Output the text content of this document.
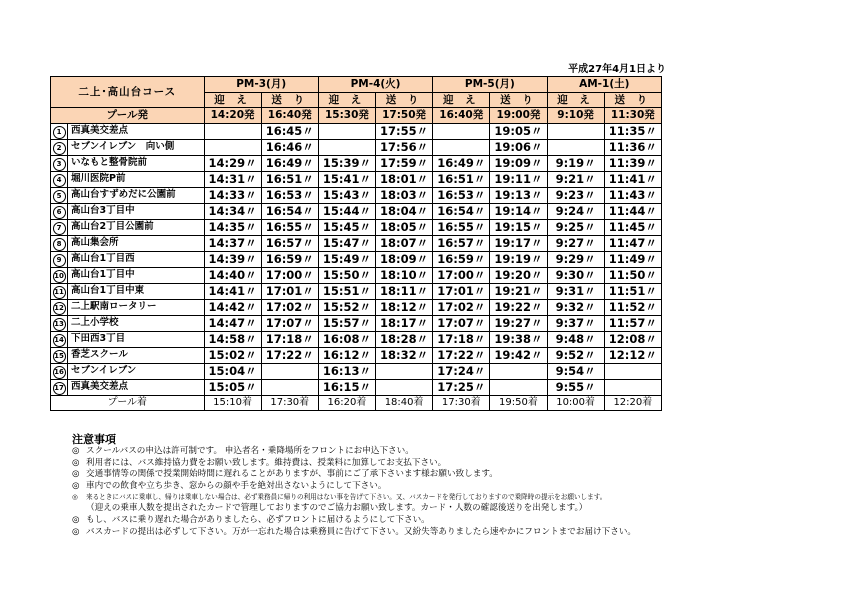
平成27年4月1日より
二上･高山台コース		PM-3(月)		PM-4(火)		PM-5(月)		AM-1(土)	
		迎 え	送 り	迎 え	送 り	迎 え	送 り	迎 え	送 り
プール発		14:20発	16:40発	15:30発	17:50発	16:40発	19:00発	9:10発	11:30発
1	西真美交差点		16:45〃		17:55〃		19:05〃		11:35〃
2	セブンイレブン　向い側		16:46〃		17:56〃		19:06〃		11:36〃
3	いなもと整骨院前	14:29〃	16:49〃	15:39〃	17:59〃	16:49〃	19:09〃	9:19〃	11:39〃
4	堀川医院P前	14:31〃	16:51〃	15:41〃	18:01〃	16:51〃	19:11〃	9:21〃	11:41〃
5	高山台すずめだに公園前	14:33〃	16:53〃	15:43〃	18:03〃	16:53〃	19:13〃	9:23〃	11:43〃
6	高山台3丁目中	14:34〃	16:54〃	15:44〃	18:04〃	16:54〃	19:14〃	9:24〃	11:44〃
7	高山台2丁目公園前	14:35〃	16:55〃	15:45〃	18:05〃	16:55〃	19:15〃	9:25〃	11:45〃
8	高山集会所	14:37〃	16:57〃	15:47〃	18:07〃	16:57〃	19:17〃	9:27〃	11:47〃
9	高山台1丁目西	14:39〃	16:59〃	15:49〃	18:09〃	16:59〃	19:19〃	9:29〃	11:49〃
10	高山台1丁目中	14:40〃	17:00〃	15:50〃	18:10〃	17:00〃	19:20〃	9:30〃	11:50〃
11	高山台1丁目中東	14:41〃	17:01〃	15:51〃	18:11〃	17:01〃	19:21〃	9:31〃	11:51〃
12	二上駅南ロータリー	14:42〃	17:02〃	15:52〃	18:12〃	17:02〃	19:22〃	9:32〃	11:52〃
13	二上小学校	14:47〃	17:07〃	15:57〃	18:17〃	17:07〃	19:27〃	9:37〃	11:57〃
14	下田西3丁目	14:58〃	17:18〃	16:08〃	18:28〃	17:18〃	19:38〃	9:48〃	12:08〃
15	香芝スクール	15:02〃	17:22〃	16:12〃	18:32〃	17:22〃	19:42〃	9:52〃	12:12〃
16	セブンイレブン	15:04〃		16:13〃		17:24〃		9:54〃	
17	西真美交差点	15:05〃		16:15〃		17:25〃		9:55〃	
プール着		15:10着	17:30着	16:20着	18:40着	17:30着	19:50着	10:00着	12:20着
注意事項
◎ スクールバスの申込は許可制です。 申込者名・乗降場所をフロントにお申込下さい。
◎ 利用者には、バス維持協力費をお願い致します。維持費は、授業料に加算してお支払下さい。
◎ 交通事情等の関係で授業開始時間に遅れることがありますが、事前にご了承下さいます様お願い致します。
◎ 車内での飲食や立ち歩き、窓からの顔や手を絶対出さないようにして下さい。
◎ 来るときにバスに乗車し、帰りは乗車しない場合は、必ず乗務員に帰りの利用はない事を告げて下さい。又、バスカードを発行しておりますので乗降時の提示をお願いします。
（迎えの乗車人数を提出されたカードで管理しておりますのでご協力お願い致します。カード・人数の確認後送りを出発します。）
◎ もし、バスに乗り遅れた場合がありましたら、必ずフロントに届けるようにして下さい。
◎ バスカードの提出は必ずして下さい。万が一忘れた場合は乗務員に告げて下さい。又紛失等ありましたら速やかにフロントまでお届け下さい。
